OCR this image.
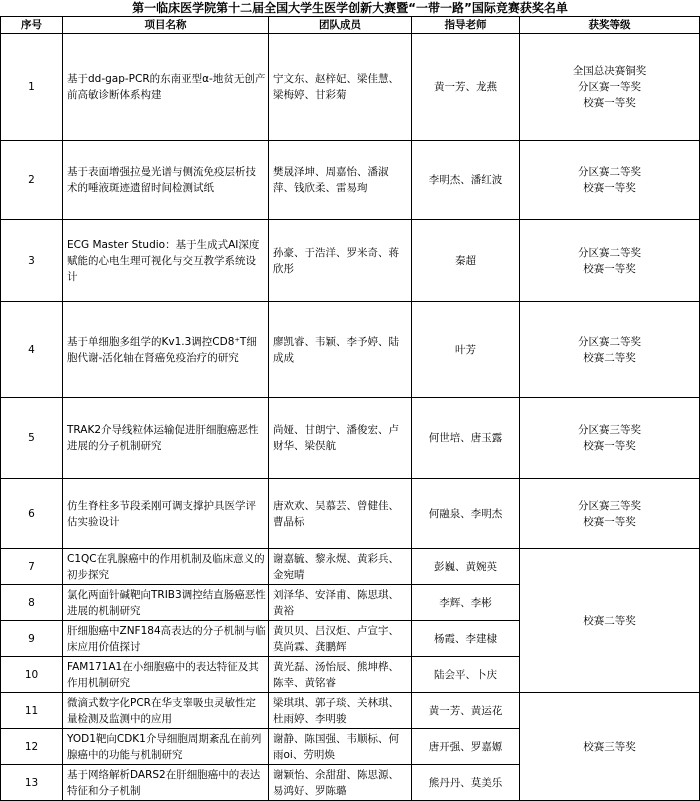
第一临床医学院第十二届全国大学生医学创新大赛暨“一带一路”国际竞赛获奖名单
序号	项目名称	团队成员	指导老师	获奖等级
1	基于dd-gap-PCR的东南亚型α-地贫无创产前高敏诊断体系构建	宁文东、赵梓妃、梁佳慧、梁梅婷、甘彩菊	黄一芳、龙燕	全国总决赛铜奖
分区赛一等奖
校赛一等奖

2	基于表面增强拉曼光谱与侧流免疫层析技术的唾液斑迹遗留时间检测试纸	樊晟泽坤、周嘉怡、潘淑萍、钱欣柔、雷易珣	李明杰、潘红波	分区赛二等奖
校赛一等奖

3	ECG Master Studio：基于生成式AI深度赋能的心电生理可视化与交互教学系统设计	孙豪、于浩洋、罗米奇、蒋欣彤	秦超	分区赛二等奖
校赛一等奖

4	基于单细胞多组学的Kv1.3调控CD8⁺T细胞代谢-活化轴在肾癌免疫治疗的研究	廖凯睿、韦颖、李予婷、陆成成	叶芳	分区赛二等奖
校赛二等奖

5	TRAK2介导线粒体运输促进肝细胞癌恶性进展的分子机制研究	尚娅、甘朗宁、潘俊宏、卢财华、梁俣航	何世培、唐玉露	分区赛三等奖
校赛一等奖

6	仿生脊柱多节段柔刚可调支撑护具医学评估实验设计	唐欢欢、吴慕芸、曾健佳、曹晶标	何融泉、李明杰	分区赛三等奖
校赛一等奖

7	C1QC在乳腺癌中的作用机制及临床意义的初步探究	谢嘉毓、黎永熀、黄彩兵、金宛晴	彭巍、黄婉英	校赛二等奖
8	氯化两面针碱靶向TRIB3调控结直肠癌恶性进展的机制研究	刘泽华、安泽甫、陈思琪、黄裕	李辉、李彬	
9	肝细胞癌中ZNF184高表达的分子机制与临床应用价值探讨	黄贝贝、吕汉炬、卢宣宇、莫尚霖、龚鹏辉	杨霞、李建棣	
10	FAM171A1在小细胞癌中的表达特征及其作用机制研究	黄光磊、汤怡辰、熊坤桦、陈幸、黄铭睿	陆会平、卜庆	
11	微滴式数字化PCR在华支睾吸虫灵敏性定量检测及监测中的应用	梁琪琪、郭子琰、关林琪、杜雨婷、李明骏	黄一芳、黄运花	校赛三等奖
12	YOD1靶向CDK1介导细胞周期紊乱在前列腺癌中的功能与机制研究	谢静、陈国强、韦顺标、何雨oi、劳明焕	唐开强、罗嘉嫄	
13	基于网络解析DARS2在肝细胞癌中的表达特征和分子机制	谢颖怡、余甜甜、陈思源、易鸿好、罗陈璐	熊丹丹、莫美乐	
